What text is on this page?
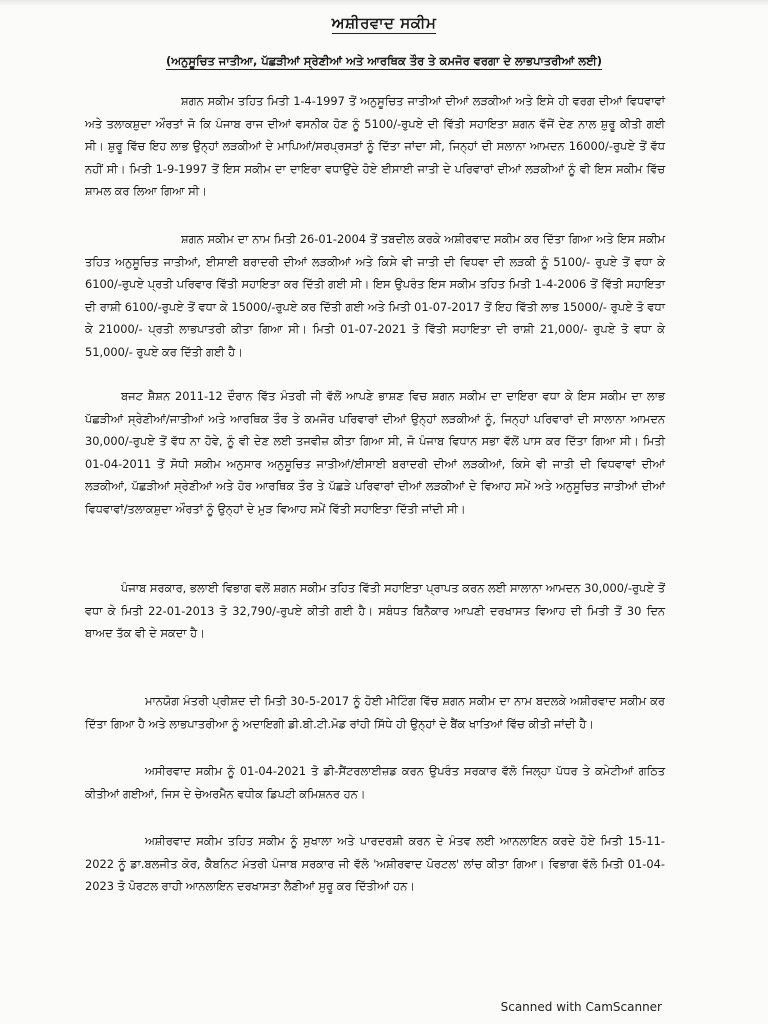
ਅਸ਼ੀਰਵਾਦ ਸਕੀਮ
(ਅਨੁਸੂਚਿਤ ਜਾਤੀਆ, ਪੱਛੜੀਆਂ ਸ੍ਰੇਣੀਆਂ ਅਤੇ ਆਰਥਿਕ ਤੌਰ ਤੇ ਕਮਜੋਰ ਵਰਗਾ ਦੇ ਲਾਭਪਾਤਰੀਆਂ ਲਈ)

ਸ਼ਗਨ ਸਕੀਮ ਤਹਿਤ ਮਿਤੀ 1-4-1997 ਤੋਂ ਅਨੁਸੂਚਿਤ ਜਾਤੀਆਂ ਦੀਆਂ ਲੜਕੀਆਂ ਅਤੇ ਇਸੇ ਹੀ ਵਰਗ ਦੀਆਂ ਵਿਧਵਾਵਾਂ ਅਤੇ ਤਲਾਕਸ਼ੁਦਾ ਔਰਤਾਂ ਜੋ ਕਿ ਪੰਜਾਬ ਰਾਜ ਦੀਆਂ ਵਸਨੀਕ ਹੋਣ ਨੂੰ 5100/-ਰੁਪਏ ਦੀ ਵਿੱਤੀ ਸਹਾਇਤਾ ਸ਼ਗਨ ਵੱਜੋਂ ਦੇਣ ਨਾਲ ਸ਼ੁਰੂ ਕੀਤੀ ਗਈ ਸੀ। ਸ਼ੁਰੂ ਵਿੱਚ ਇਹ ਲਾਭ ਉਨ੍ਹਾਂ ਲੜਕੀਆਂ ਦੇ ਮਾਪਿਆਂ/ਸਰਪ੍ਰਸਤਾਂ ਨੂੰ ਦਿੱਤਾ ਜਾਂਦਾ ਸੀ, ਜਿਨ੍ਹਾਂ ਦੀ ਸਲਾਨਾ ਆਮਦਨ 16000/-ਰੁਪਏ ਤੋਂ ਵੱਧ ਨਹੀਂ ਸੀ। ਮਿਤੀ 1-9-1997 ਤੋਂ ਇਸ ਸਕੀਮ ਦਾ ਦਾਇਰਾ ਵਧਾਉਂਦੇ ਹੋਏ ਈਸਾਈ ਜਾਤੀ ਦੇ ਪਰਿਵਾਰਾਂ ਦੀਆਂ ਲੜਕੀਆਂ ਨੂੰ ਵੀ ਇਸ ਸਕੀਮ ਵਿੱਚ ਸ਼ਾਮਲ ਕਰ ਲਿਆ ਗਿਆ ਸੀ।

ਸ਼ਗਨ ਸਕੀਮ ਦਾ ਨਾਮ ਮਿਤੀ 26-01-2004 ਤੋਂ ਤਬਦੀਲ ਕਰਕੇ ਅਸ਼ੀਰਵਾਦ ਸਕੀਮ ਕਰ ਦਿੱਤਾ ਗਿਆ ਅਤੇ ਇਸ ਸਕੀਮ ਤਹਿਤ ਅਨੁਸੂਚਿਤ ਜਾਤੀਆਂ, ਈਸਾਈ ਬਰਾਦਰੀ ਦੀਆਂ ਲੜਕੀਆਂ ਅਤੇ ਕਿਸੇ ਵੀ ਜਾਤੀ ਦੀ ਵਿਧਵਾ ਦੀ ਲੜਕੀ ਨੂੰ 5100/- ਰੁਪਏ ਤੋਂ ਵਧਾ ਕੇ 6100/-ਰੁਪਏ ਪ੍ਰਤੀ ਪਰਿਵਾਰ ਵਿੱਤੀ ਸਹਾਇਤਾ ਕਰ ਦਿੱਤੀ ਗਈ ਸੀ। ਇਸ ਉਪਰੰਤ ਇਸ ਸਕੀਮ ਤਹਿਤ ਮਿਤੀ 1-4-2006 ਤੋਂ ਵਿੱਤੀ ਸਹਾਇਤਾ ਦੀ ਰਾਸ਼ੀ 6100/-ਰੁਪਏ ਤੋਂ ਵਧਾ ਕੇ 15000/-ਰੁਪਏ ਕਰ ਦਿੱਤੀ ਗਈ ਅਤੇ ਮਿਤੀ 01-07-2017 ਤੋਂ ਇਹ ਵਿੱਤੀ ਲਾਭ 15000/- ਰੁਪਏ ਤੋ ਵਧਾ ਕੇ 21000/- ਪ੍ਰਤੀ ਲਾਭਪਾਤਰੀ ਕੀਤਾ ਗਿਆ ਸੀ। ਮਿਤੀ 01-07-2021 ਤੋ ਵਿੱਤੀ ਸਹਾਇਤਾ ਦੀ ਰਾਸ਼ੀ 21,000/- ਰੁਪਏ ਤੋ ਵਧਾ ਕੇ 51,000/- ਰੁਪਏ ਕਰ ਦਿੱਤੀ ਗਈ ਹੈ।

ਬਜਟ ਸ਼ੈਸ਼ਨ 2011-12 ਦੌਰਾਨ ਵਿੱਤ ਮੰਤਰੀ ਜੀ ਵੱਲੋਂ ਆਪਣੇ ਭਾਸ਼ਣ ਵਿਚ ਸ਼ਗਨ ਸਕੀਮ ਦਾ ਦਾਇਰਾ ਵਧਾ ਕੇ ਇਸ ਸਕੀਮ ਦਾ ਲਾਭ ਪੱਛੜੀਆਂ ਸ੍ਰੇਣੀਆਂ/ਜਾਤੀਆਂ ਅਤੇ ਆਰਥਿਕ ਤੌਰ ਤੇ ਕਮਜੋਰ ਪਰਿਵਾਰਾਂ ਦੀਆਂ ਉਨ੍ਹਾਂ ਲੜਕੀਆਂ ਨੂੰ, ਜਿਨ੍ਹਾਂ ਪਰਿਵਾਰਾਂ ਦੀ ਸਾਲਾਨਾ ਆਮਦਨ 30,000/-ਰੁਪਏ ਤੋਂ ਵੱਧ ਨਾ ਹੋਵੇ, ਨੂੰ ਵੀ ਦੇਣ ਲਈ ਤਜਵੀਜ਼ ਕੀਤਾ ਗਿਆ ਸੀ, ਜੋ ਪੰਜਾਬ ਵਿਧਾਨ ਸਭਾ ਵੱਲੋਂ ਪਾਸ ਕਰ ਦਿੱਤਾ ਗਿਆ ਸੀ। ਮਿਤੀ 01-04-2011 ਤੋਂ ਸੋਧੀ ਸਕੀਮ ਅਨੁਸਾਰ ਅਨੁਸੂਚਿਤ ਜਾਤੀਆਂ/ਈਸਾਈ ਬਰਾਦਰੀ ਦੀਆਂ ਲੜਕੀਆਂ, ਕਿਸੇ ਵੀ ਜਾਤੀ ਦੀ ਵਿਧਵਾਵਾਂ ਦੀਆਂ ਲੜਕੀਆਂ, ਪੱਛੜੀਆਂ ਸ੍ਰੇਣੀਆਂ ਅਤੇ ਹੋਰ ਆਰਥਿਕ ਤੌਰ ਤੇ ਪੱਛੜੇ ਪਰਿਵਾਰਾਂ ਦੀਆਂ ਲੜਕੀਆਂ ਦੇ ਵਿਆਹ ਸਮੇਂ ਅਤੇ ਅਨੁਸੂਚਿਤ ਜਾਤੀਆਂ ਦੀਆਂ ਵਿਧਵਾਵਾਂ/ਤਲਾਕਸ਼ੁਦਾ ਔਰਤਾਂ ਨੂੰ ਉਨ੍ਹਾਂ ਦੇ ਮੁੜ ਵਿਆਹ ਸਮੇਂ ਵਿੱਤੀ ਸਹਾਇਤਾ ਦਿੱਤੀ ਜਾਂਦੀ ਸੀ।

ਪੰਜਾਬ ਸਰਕਾਰ, ਭਲਾਈ ਵਿਭਾਗ ਵਲੋਂ ਸ਼ਗਨ ਸਕੀਮ ਤਹਿਤ ਵਿੱਤੀ ਸਹਾਇਤਾ ਪ੍ਰਾਪਤ ਕਰਨ ਲਈ ਸਾਲਾਨਾ ਆਮਦਨ 30,000/-ਰੁਪਏ ਤੋਂ ਵਧਾ ਕੇ ਮਿਤੀ 22-01-2013 ਤੋ 32,790/-ਰੁਪਏ ਕੀਤੀ ਗਈ ਹੈ। ਸਬੰਧਤ ਬਿਨੈਕਾਰ ਆਪਣੀ ਦਰਖਾਸਤ ਵਿਆਹ ਦੀ ਮਿਤੀ ਤੋਂ 30 ਦਿਨ ਬਾਅਦ ਤੱਕ ਵੀ ਦੇ ਸਕਦਾ ਹੈ।

ਮਾਨਯੋਗ ਮੰਤਰੀ ਪ੍ਰੀਸ਼ਦ ਦੀ ਮਿਤੀ 30-5-2017 ਨੂੰ ਹੋਈ ਮੀਟਿੰਗ ਵਿੱਚ ਸ਼ਗਨ ਸਕੀਮ ਦਾ ਨਾਮ ਬਦਲਕੇ ਅਸ਼ੀਰਵਾਦ ਸਕੀਮ ਕਰ ਦਿੱਤਾ ਗਿਆ ਹੈ ਅਤੇ ਲਾਭਪਾਤਰੀਆ ਨੂੰ ਅਦਾਇਗੀ ਡੀ.ਬੀ.ਟੀ.ਮੋਡ ਰਾਂਹੀ ਸਿੱਧੇ ਹੀ ਉਨ੍ਹਾਂ ਦੇ ਬੈਂਕ ਖਾਤਿਆਂ ਵਿੱਚ ਕੀਤੀ ਜਾਂਦੀ ਹੈ।

ਅਸੀਰਵਾਦ ਸਕੀਮ ਨੂੰ 01-04-2021 ਤੋ ਡੀ-ਸੈਂਟਰਲਾਈਜ਼ਡ ਕਰਨ ਉਪਰੰਤ ਸਰਕਾਰ ਵੱਲੋ ਜਿਲ੍ਹਾ ਪੱਧਰ ਤੇ ਕਮੇਟੀਆਂ ਗਠਿਤ ਕੀਤੀਆਂ ਗਈਆਂ, ਜਿਸ ਦੇ ਚੇਅਰਮੈਨ ਵਧੀਕ ਡਿਪਟੀ ਕਮਿਸ਼ਨਰ ਹਨ।

ਅਸ਼ੀਰਵਾਦ ਸਕੀਮ ਤਹਿਤ ਸਕੀਮ ਨੂੰ ਸੁਖਾਲਾ ਅਤੇ ਪਾਰਦਰਸ਼ੀ ਕਰਨ ਦੇ ਮੰਤਵ ਲਈ ਆਨਲਾਇਨ ਕਰਦੇ ਹੋਏ ਮਿਤੀ 15-11-2022 ਨੂੰ ਡਾ.ਬਲਜੀਤ ਕੋਰ, ਕੈਬਨਿਟ ਮੰਤਰੀ ਪੰਜਾਬ ਸਰਕਾਰ ਜੀ ਵੱਲੋ 'ਅਸ਼ੀਰਵਾਦ ਪੋਰਟਲ' ਲਾਂਚ ਕੀਤਾ ਗਿਆ। ਵਿਭਾਗ ਵੱਲੋ ਮਿਤੀ 01-04-2023 ਤੋ ਪੋਰਟਲ ਰਾਹੀ ਆਨਲਾਇਨ ਦਰਖਾਸਤਾ ਲੈਣੀਆਂ ਸੁਰੂ ਕਰ ਦਿੱਤੀਆਂ ਹਨ।

Scanned with CamScanner
